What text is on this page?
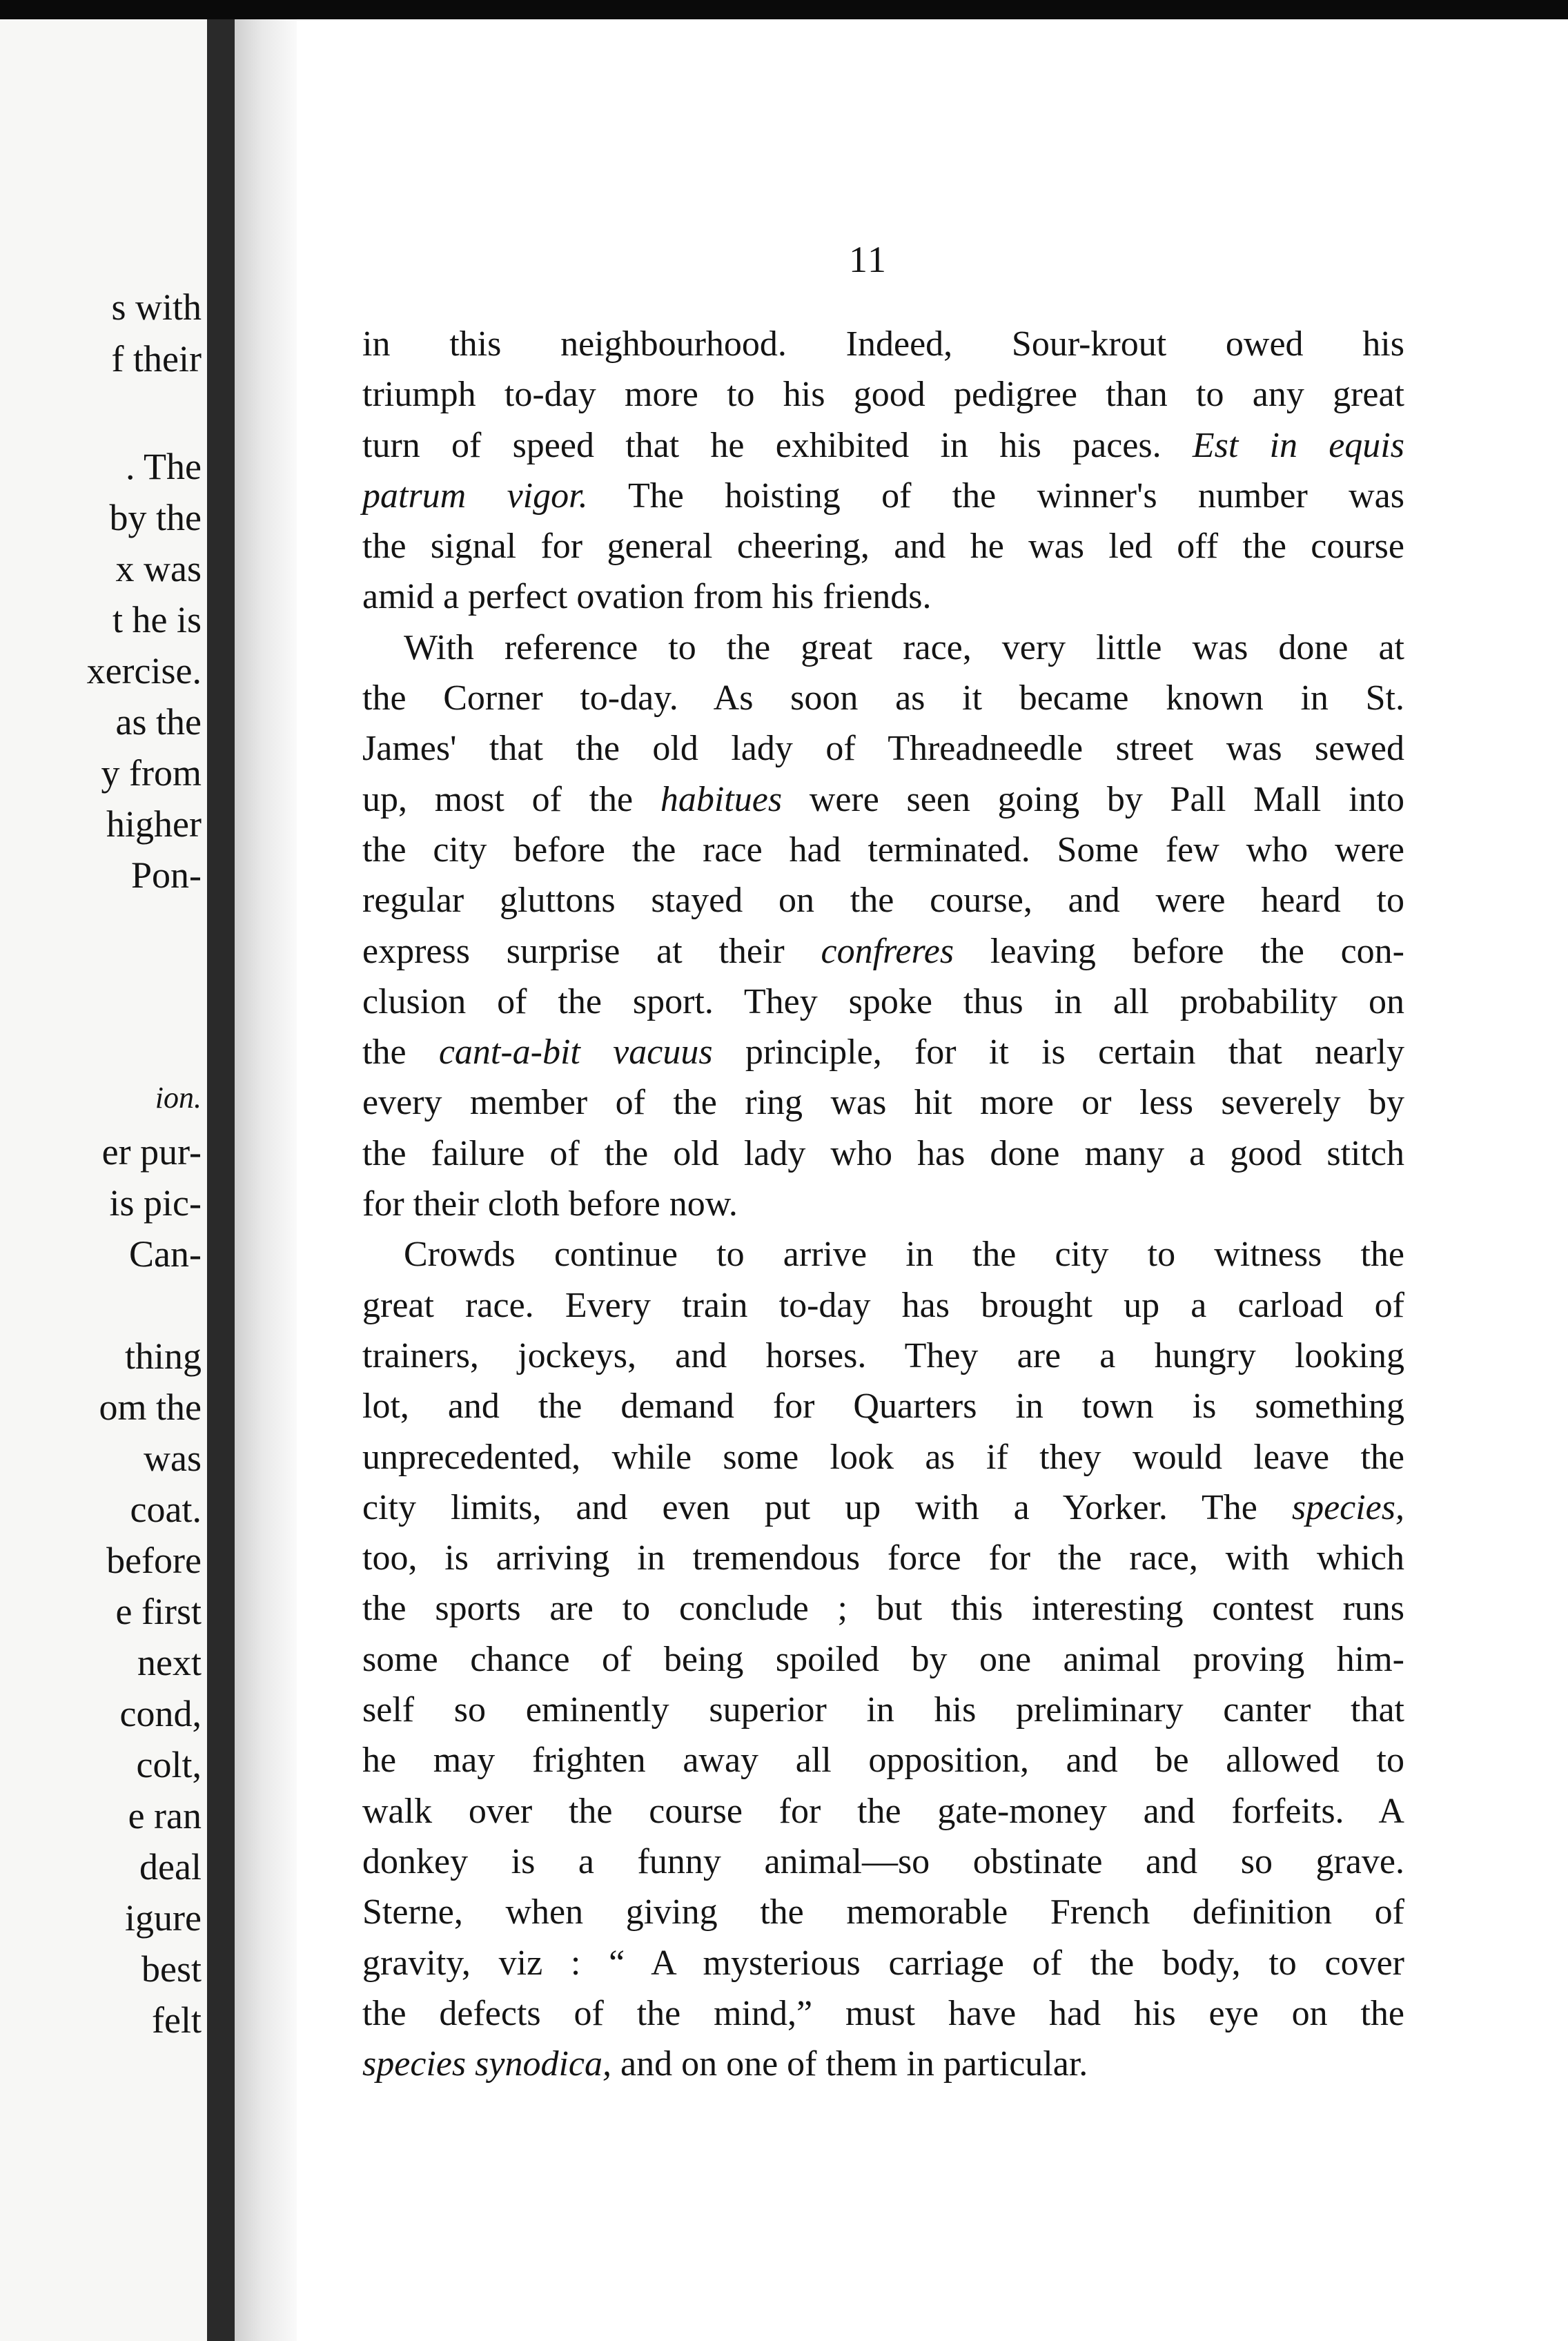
s with
f their
. The
by the
x was
t he is
xercise.
as the
y from
higher
Pon-
ion.
er pur-
is pic-
Can-
thing
om the
was
coat.
before
e first
next
cond,
colt,
e ran
deal
igure
best
felt
11
in this neighbourhood. Indeed, Sour-krout owed his
triumph to-day more to his good pedigree than to any great
turn of speed that he exhibited in his paces. Est in equis
patrum vigor. The hoisting of the winner's number was
the signal for general cheering, and he was led off the course
amid a perfect ovation from his friends.
With reference to the great race, very little was done at
the Corner to-day. As soon as it became known in St.
James' that the old lady of Threadneedle street was sewed
up, most of the habitues were seen going by Pall Mall into
the city before the race had terminated. Some few who were
regular gluttons stayed on the course, and were heard to
express surprise at their confreres leaving before the con-
clusion of the sport. They spoke thus in all probability on
the cant-a-bit vacuus principle, for it is certain that nearly
every member of the ring was hit more or less severely by
the failure of the old lady who has done many a good stitch
for their cloth before now.
Crowds continue to arrive in the city to witness the
great race. Every train to-day has brought up a carload of
trainers, jockeys, and horses. They are a hungry looking
lot, and the demand for Quarters in town is something
unprecedented, while some look as if they would leave the
city limits, and even put up with a Yorker. The species,
too, is arriving in tremendous force for the race, with which
the sports are to conclude ; but this interesting contest runs
some chance of being spoiled by one animal proving him-
self so eminently superior in his preliminary canter that
he may frighten away all opposition, and be allowed to
walk over the course for the gate-money and forfeits. A
donkey is a funny animal—so obstinate and so grave.
Sterne, when giving the memorable French definition of
gravity, viz : “ A mysterious carriage of the body, to cover
the defects of the mind,” must have had his eye on the
species synodica, and on one of them in particular.
